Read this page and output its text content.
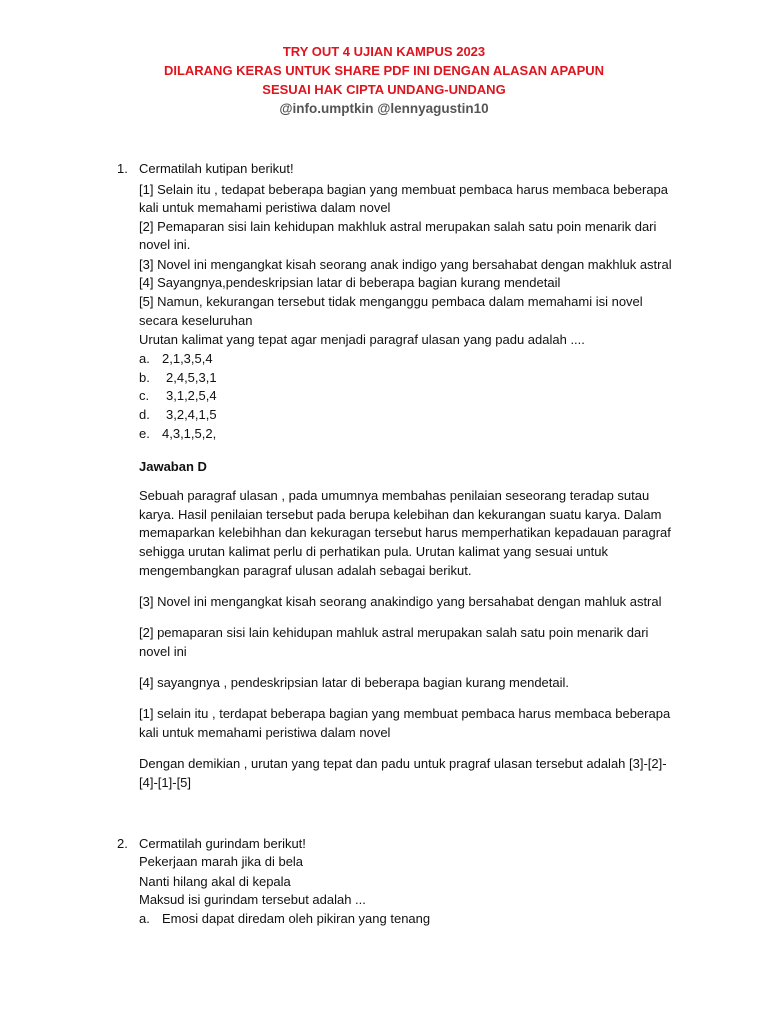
TRY OUT 4 UJIAN KAMPUS 2023
DILARANG KERAS UNTUK SHARE PDF INI DENGAN ALASAN APAPUN
SESUAI HAK CIPTA UNDANG-UNDANG
@info.umptkin @lennyagustin10
1. Cermatilah kutipan berikut!
[1] Selain itu , tedapat beberapa bagian yang membuat pembaca harus membaca beberapa
kali untuk memahami peristiwa dalam novel
[2] Pemaparan sisi lain kehidupan makhluk astral merupakan salah satu poin menarik dari
novel ini.
[3] Novel ini mengangkat kisah seorang anak indigo yang bersahabat dengan makhluk astral
[4] Sayangnya,pendeskripsian latar di beberapa bagian kurang mendetail
[5] Namun, kekurangan tersebut tidak menganggu pembaca dalam memahami isi novel
secara keseluruhan
Urutan kalimat yang tepat agar menjadi paragraf ulasan yang padu adalah ....
a. 2,1,3,5,4
b. 2,4,5,3,1
c. 3,1,2,5,4
d. 3,2,4,1,5
e. 4,3,1,5,2,
Jawaban D
Sebuah paragraf ulasan , pada umumnya membahas penilaian seseorang teradap sutau
karya. Hasil penilaian tersebut pada berupa kelebihan dan kekurangan suatu karya. Dalam
memaparkan kelebihhan dan kekuragan tersebut harus memperhatikan kepadauan paragraf
sehigga urutan kalimat perlu di perhatikan pula. Urutan kalimat yang sesuai untuk
mengembangkan paragraf ulusan adalah sebagai berikut.
[3] Novel ini mengangkat kisah seorang anakindigo yang bersahabat dengan mahluk astral
[2] pemaparan sisi lain kehidupan mahluk astral merupakan salah satu poin menarik dari
novel ini
[4] sayangnya , pendeskripsian latar di beberapa bagian kurang mendetail.
[1] selain itu , terdapat beberapa bagian yang membuat pembaca harus membaca beberapa
kali untuk memahami peristiwa dalam novel
Dengan demikian , urutan yang tepat dan padu untuk pragraf ulasan tersebut adalah [3]-[2]-
[4]-[1]-[5]
2. Cermatilah gurindam berikut!
Pekerjaan marah jika di bela
Nanti hilang akal di kepala
Maksud isi gurindam tersebut adalah ...
a. Emosi dapat diredam oleh pikiran yang tenang
